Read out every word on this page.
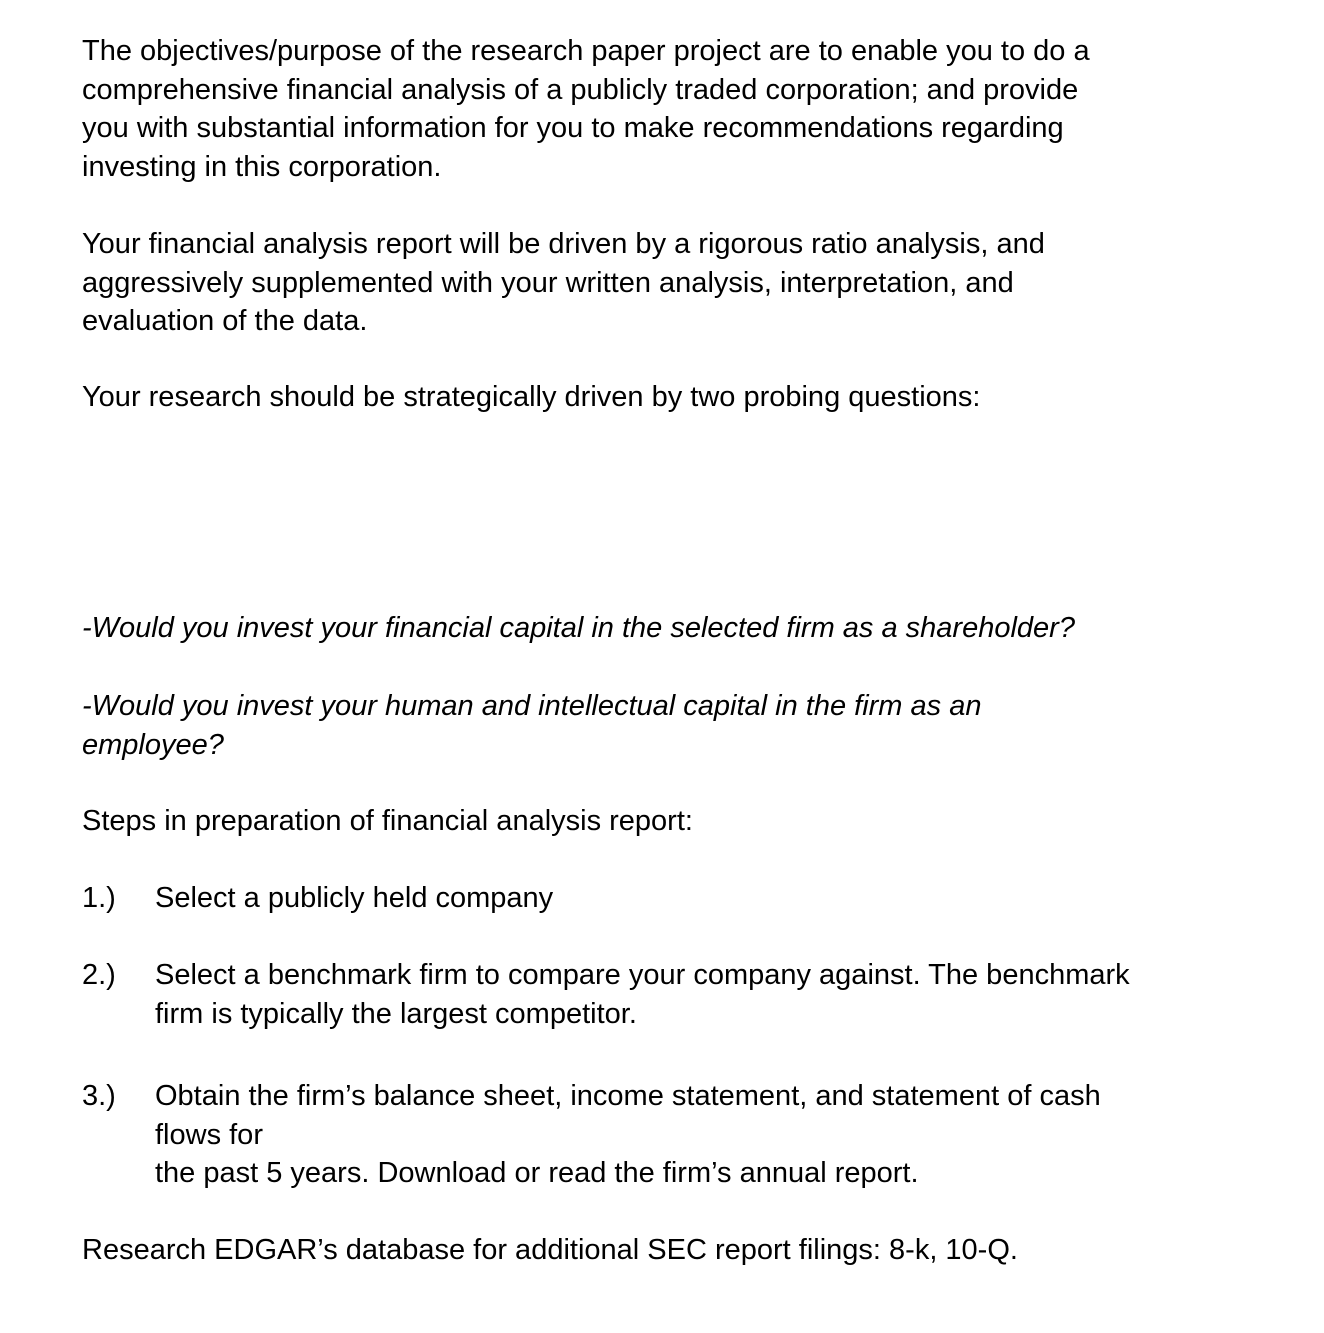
The objectives/purpose of the research paper project are to enable you to do a
comprehensive financial analysis of a publicly traded corporation; and provide
you with substantial information for you to make recommendations regarding
investing in this corporation.
Your financial analysis report will be driven by a rigorous ratio analysis, and
aggressively supplemented with your written analysis, interpretation, and
evaluation of the data.
Your research should be strategically driven by two probing questions:
-Would you invest your financial capital in the selected firm as a shareholder?
-Would you invest your human and intellectual capital in the firm as an
employee?
Steps in preparation of financial analysis report:
1.) Select a publicly held company
2.) Select a benchmark firm to compare your company against. The benchmark
firm is typically the largest competitor.
3.) Obtain the firm’s balance sheet, income statement, and statement of cash
flows for
the past 5 years. Download or read the firm’s annual report.
Research EDGAR’s database for additional SEC report filings: 8-k, 10-Q.
